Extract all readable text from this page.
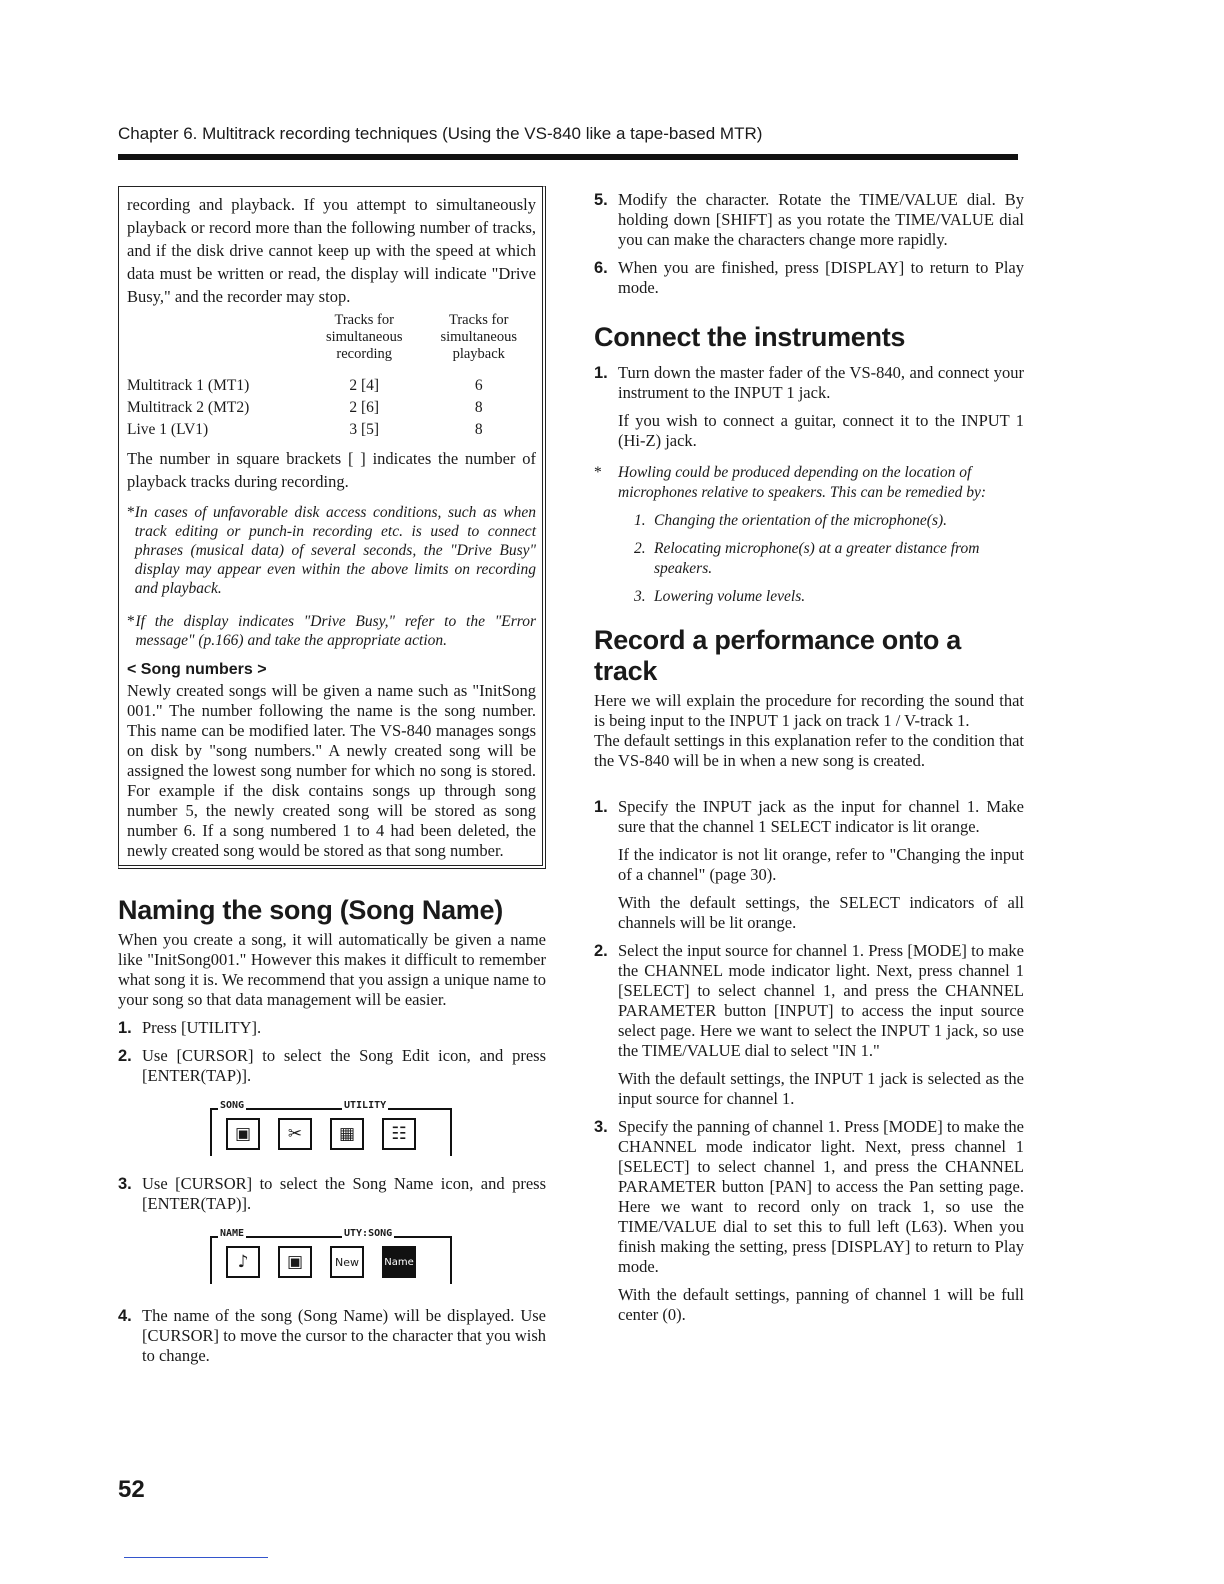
Chapter 6. Multitrack recording techniques (Using the VS-840 like a tape-based MTR)

recording and playback. If you attempt to simultaneously playback or record more than the following number of tracks, and if the disk drive cannot keep up with the speed at which data must be written or read, the display will indicate "Drive Busy," and the recorder may stop.

	Tracks for simultaneous recording	Tracks for simultaneous playback
Multitrack 1 (MT1)	2 [4]	6
Multitrack 2 (MT2)	2 [6]	8
Live 1 (LV1)	3 [5]	8

The number in square brackets [ ] indicates the number of playback tracks during recording.

* In cases of unfavorable disk access conditions, such as when track editing or punch-in recording etc. is used to connect phrases (musical data) of several seconds, the "Drive Busy" display may appear even within the above limits on recording and playback.

* If the display indicates "Drive Busy," refer to the "Error message" (p.166) and take the appropriate action.

< Song numbers >

Newly created songs will be given a name such as "InitSong 001." The number following the name is the song number. This name can be modified later. The VS-840 manages songs on disk by "song numbers." A newly created song will be assigned the lowest song number for which no song is stored. For example if the disk contains songs up through song number 5, the newly created song will be stored as song number 6. If a song numbered 1 to 4 had been deleted, the newly created song would be stored as that song number.

Naming the song (Song Name)

When you create a song, it will automatically be given a name like "InitSong001." However this makes it difficult to remember what song it is. We recommend that you assign a unique name to your song so that data management will be easier.

1. Press [UTILITY].
2. Use [CURSOR] to select the Song Edit icon, and press [ENTER(TAP)].
SONG	UTILITY
▣	✂	▦	☷
3. Use [CURSOR] to select the Song Name icon, and press [ENTER(TAP)].
NAME	UTY:SONG
♪	▣	New	Name
4. The name of the song (Song Name) will be displayed. Use [CURSOR] to move the cursor to the character that you wish to change.
5. Modify the character. Rotate the TIME/VALUE dial. By holding down [SHIFT] as you rotate the TIME/VALUE dial you can make the characters change more rapidly.
6. When you are finished, press [DISPLAY] to return to Play mode.
Connect the instruments
1. Turn down the master fader of the VS-840, and connect your instrument to the INPUT 1 jack.

If you wish to connect a guitar, connect it to the INPUT 1 (Hi-Z) jack.

*	Howling could be produced depending on the location of microphones relative to speakers. This can be remedied by:
1. Changing the orientation of the microphone(s).
2. Relocating microphone(s) at a greater distance from speakers.
3. Lowering volume levels.
Record a performance onto a track

Here we will explain the procedure for recording the sound that is being input to the INPUT 1 jack on track 1 / V-track 1.

The default settings in this explanation refer to the condition that the VS-840 will be in when a new song is created.

1. Specify the INPUT jack as the input for channel 1. Make sure that the channel 1 SELECT indicator is lit orange.

If the indicator is not lit orange, refer to "Changing the input of a channel" (page 30).

With the default settings, the SELECT indicators of all channels will be lit orange.

2. Select the input source for channel 1. Press [MODE] to make the CHANNEL mode indicator light. Next, press channel 1 [SELECT] to select channel 1, and press the CHANNEL PARAMETER button [INPUT] to access the input source select page. Here we want to select the INPUT 1 jack, so use the TIME/VALUE dial to select "IN 1."

With the default settings, the INPUT 1 jack is selected as the input source for channel 1.

3. Specify the panning of channel 1. Press [MODE] to make the CHANNEL mode indicator light. Next, press channel 1 [SELECT] to select channel 1, and press the CHANNEL PARAMETER button [PAN] to access the Pan setting page. Here we want to record only on track 1, so use the TIME/VALUE dial to set this to full left (L63). When you finish making the setting, press [DISPLAY] to return to Play mode.

With the default settings, panning of channel 1 will be full center (0).

52
